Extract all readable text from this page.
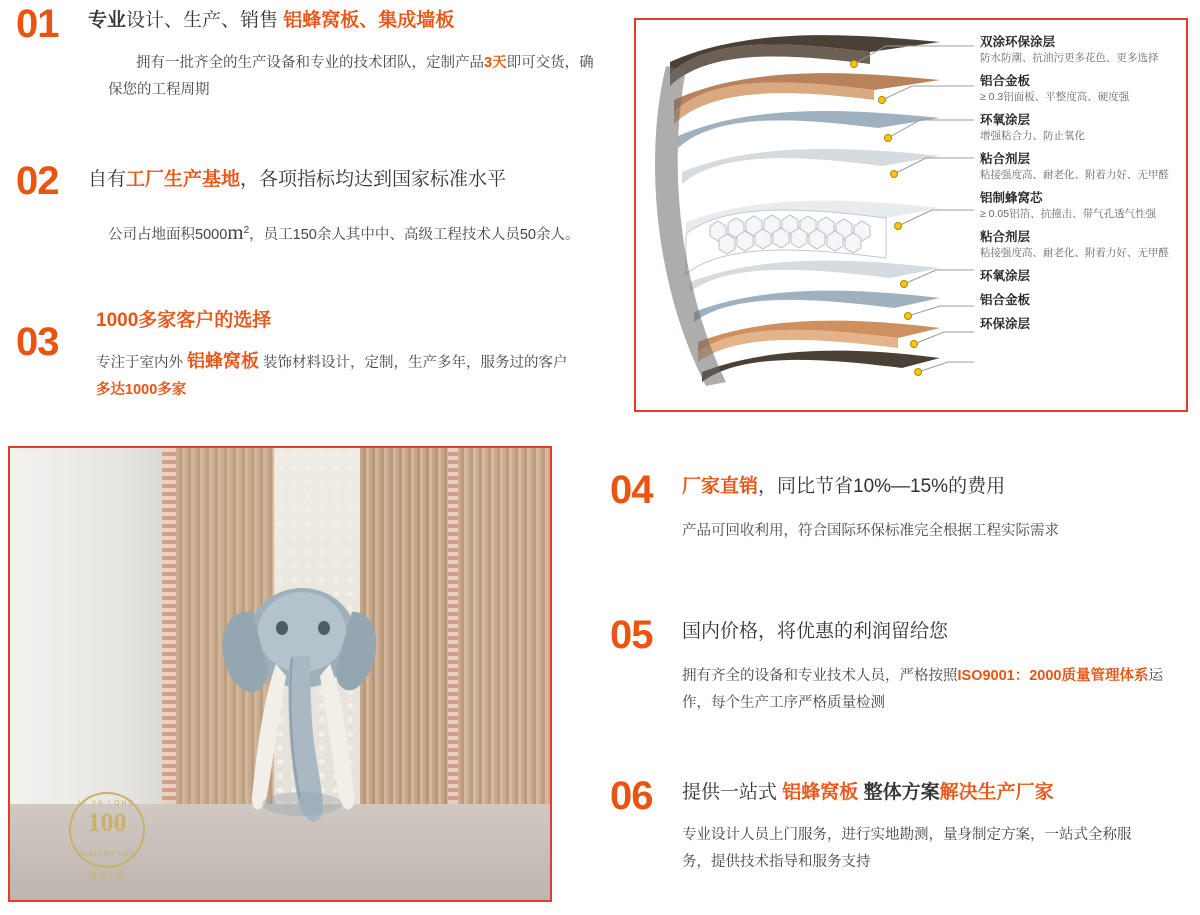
01 专业设计、生产、销售 铝蜂窝板、集成墙板
拥有一批齐全的生产设备和专业的技术团队，定制产品3天即可交货，确保您的工程周期
02 自有工厂生产基地，各项指标均达到国家标准水平
公司占地面积$5000m^2$，员工150余人其中中、高级工程技术人员50余人。
03 1000多家客户的选择
专注于室内外 铝蜂窝板 装饰材料设计，定制，生产多年，服务过的客户
多达1000多家
04 厂家直销，同比节省10%—15%的费用
产品可回收利用，符合国际环保标准完全根据工程实际需求
05 国内价格，将优惠的利润留给您
拥有齐全的设备和专业技术人员，严格按照ISO9001：2000质量管理体系运作，每个生产工序严格质量检测
06 提供一站式 铝蜂窝板 整体方案解决生产厂家
专业设计人员上门服务，进行实地勘测，量身制定方案，一站式全称服
务，提供技术指导和服务支持
双涂环保涂层
防水防潮、抗油污更多花色、更多选择
铝合金板
≥ 0.3铝面板、平整度高、硬度强
环氧涂层
增强粘合力、防止氧化
粘合剂层
粘接强度高、耐老化、附着力好、无甲醛
铝制蜂窝芯
≥ 0.05铝箔、抗撞击、带气孔透气性强
粘合剂层
粘接强度高、耐老化、附着力好、无甲醛
环氧涂层
铝合金板
环保涂层
LI YA LONG
100
HEALTHY LIFE
健康生活
